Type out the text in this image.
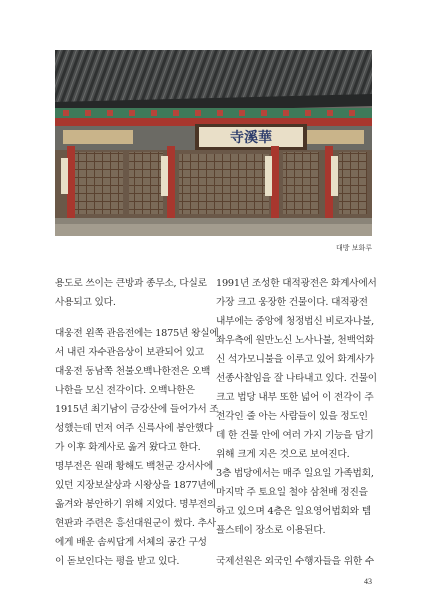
寺溪華
대방 보화루

용도로 쓰이는 큰방과 종무소, 다실로

사용되고 있다.

대웅전 왼쪽 관음전에는 1875년 왕실에

서 내린 자수관음상이 보관되어 있고

대웅전 동남쪽 천불오백나한전은 오백

나한을 모신 전각이다. 오백나한은

1915년 최기남이 금강산에 들어가서 조

성했는데 먼저 여주 신륵사에 봉안했다

가 이후 화계사로 옮겨 왔다고 한다.

명부전은 원래 황해도 백천군 강서사에

있던 지장보살상과 시왕상을 1877년에

옮겨와 봉안하기 위해 지었다. 명부전의

현판과 주련은 흥선대원군이 썼다. 추사

에게 배운 솜씨답게 서체의 공간 구성

이 돋보인다는 평을 받고 있다.

1991년 조성한 대적광전은 화계사에서

가장 크고 웅장한 건물이다. 대적광전

내부에는 중앙에 청정법신 비로자나불,

좌우측에 원만노신 노사나불, 천백억화

신 석가모니불을 이루고 있어 화계사가

선종사찰임을 잘 나타내고 있다. 건물이

크고 법당 내부 또한 넓어 이 전각이 주

전각인 줄 아는 사람들이 있을 정도인

데 한 건물 안에 여러 가지 기능을 담기

위해 크게 지은 것으로 보여진다.

3층 법당에서는 매주 일요일 가족법회,

마지막 주 토요일 철야 삼천배 정진을

하고 있으며 4층은 일요영어법회와 템

플스테이 장소로 이용된다.

국제선원은 외국인 수행자들을 위한 수

43
